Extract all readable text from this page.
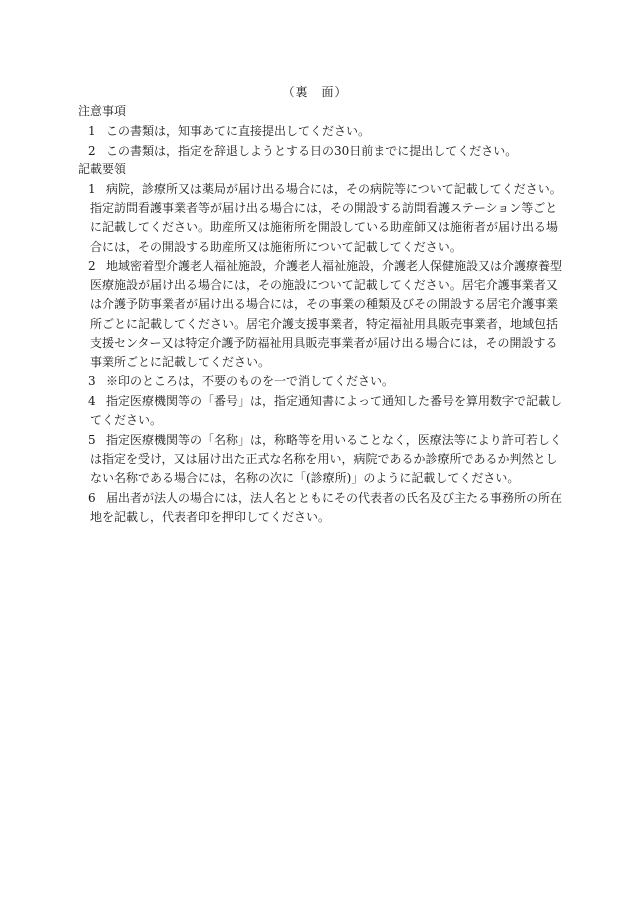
（裏　面）
注意事項
1 この書類は，知事あてに直接提出してください。
2 この書類は，指定を辞退しようとする日の30日前までに提出してください。
記載要領
1 病院，診療所又は薬局が届け出る場合には，その病院等について記載してください。
指定訪問看護事業者等が届け出る場合には，その開設する訪問看護ステーション等ごと
に記載してください。助産所又は施術所を開設している助産師又は施術者が届け出る場
合には，その開設する助産所又は施術所について記載してください。
2 地域密着型介護老人福祉施設，介護老人福祉施設，介護老人保健施設又は介護療養型
医療施設が届け出る場合には，その施設について記載してください。居宅介護事業者又
は介護予防事業者が届け出る場合には，その事業の種類及びその開設する居宅介護事業
所ごとに記載してください。居宅介護支援事業者，特定福祉用具販売事業者，地域包括
支援センター又は特定介護予防福祉用具販売事業者が届け出る場合には，その開設する
事業所ごとに記載してください。
3 ※印のところは，不要のものを一で消してください。
4 指定医療機関等の「番号」は，指定通知書によって通知した番号を算用数字で記載し
てください。
5 指定医療機関等の「名称」は，称略等を用いることなく，医療法等により許可若しく
は指定を受け，又は届け出た正式な名称を用い，病院であるか診療所であるか判然とし
ない名称である場合には，名称の次に「(診療所)」のように記載してください。
6 届出者が法人の場合には，法人名とともにその代表者の氏名及び主たる事務所の所在
地を記載し，代表者印を押印してください。
